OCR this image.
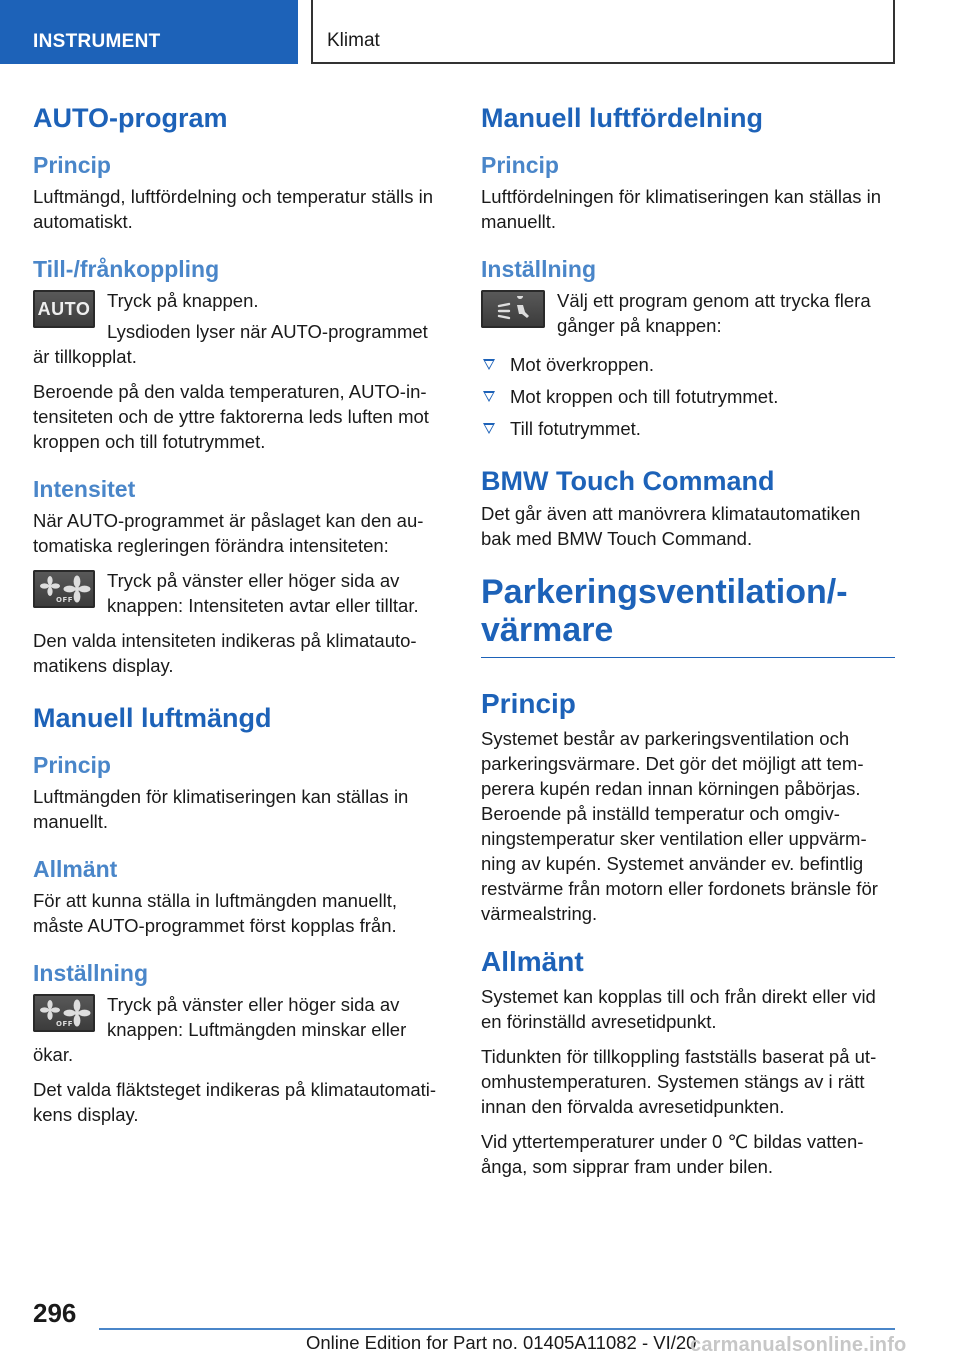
INSTRUMENT	Klimat
AUTO-program
Princip

Luftmängd, luftfördelning och temperatur ställs in automatiskt.

Till-/frånkoppling
AUTO Tryck på knappen.

Lysdioden lyser när AUTO-programmet är tillkopplat.

Beroende på den valda temperaturen, AUTO-intensiteten och de yttre faktorerna leds luften mot kroppen och till fotutrymmet.

Intensitet

När AUTO-programmet är påslaget kan den automatiska regleringen förändra intensiteten:

OFF

Tryck på vänster eller höger sida av knappen: Intensiteten avtar eller tilltar.

Den valda intensiteten indikeras på klimatautomatikens display.

Manuell luftmängd
Princip

Luftmängden för klimatiseringen kan ställas in manuellt.

Allmänt

För att kunna ställa in luftmängden manuellt, måste AUTO-programmet först kopplas från.

Inställning
OFF

Tryck på vänster eller höger sida av knappen: Luftmängden minskar eller ökar.

Det valda fläktsteget indikeras på klimatautomatikens display.

Manuell luftfördelning
Princip

Luftfördelningen för klimatiseringen kan ställas in manuellt.

Inställning

Välj ett program genom att trycka flera gånger på knappen:

Mot överkroppen.
Mot kroppen och till fotutrymmet.
Till fotutrymmet.
BMW Touch Command

Det går även att manövrera klimatautomatiken bak med BMW Touch Command.

Parkeringsventilation/-värmare
Princip

Systemet består av parkeringsventilation och parkeringsvärmare. Det gör det möjligt att temperera kupén redan innan körningen påbörjas. Beroende på inställd temperatur och omgivningstemperatur sker ventilation eller uppvärmning av kupén. Systemet använder ev. befintlig restvärme från motorn eller fordonets bränsle för värmealstring.

Allmänt

Systemet kan kopplas till och från direkt eller vid en förinställd avresetidpunkt.

Tidunkten för tillkoppling fastställs baserat på utomhustemperaturen. Systemen stängs av i rätt innan den förvalda avresetidpunkten.

Vid yttertemperaturer under 0 ℃ bildas vattenånga, som sipprar fram under bilen.

296
Online Edition for Part no. 01405A11082 - VI/20
carmanualsonline.info
